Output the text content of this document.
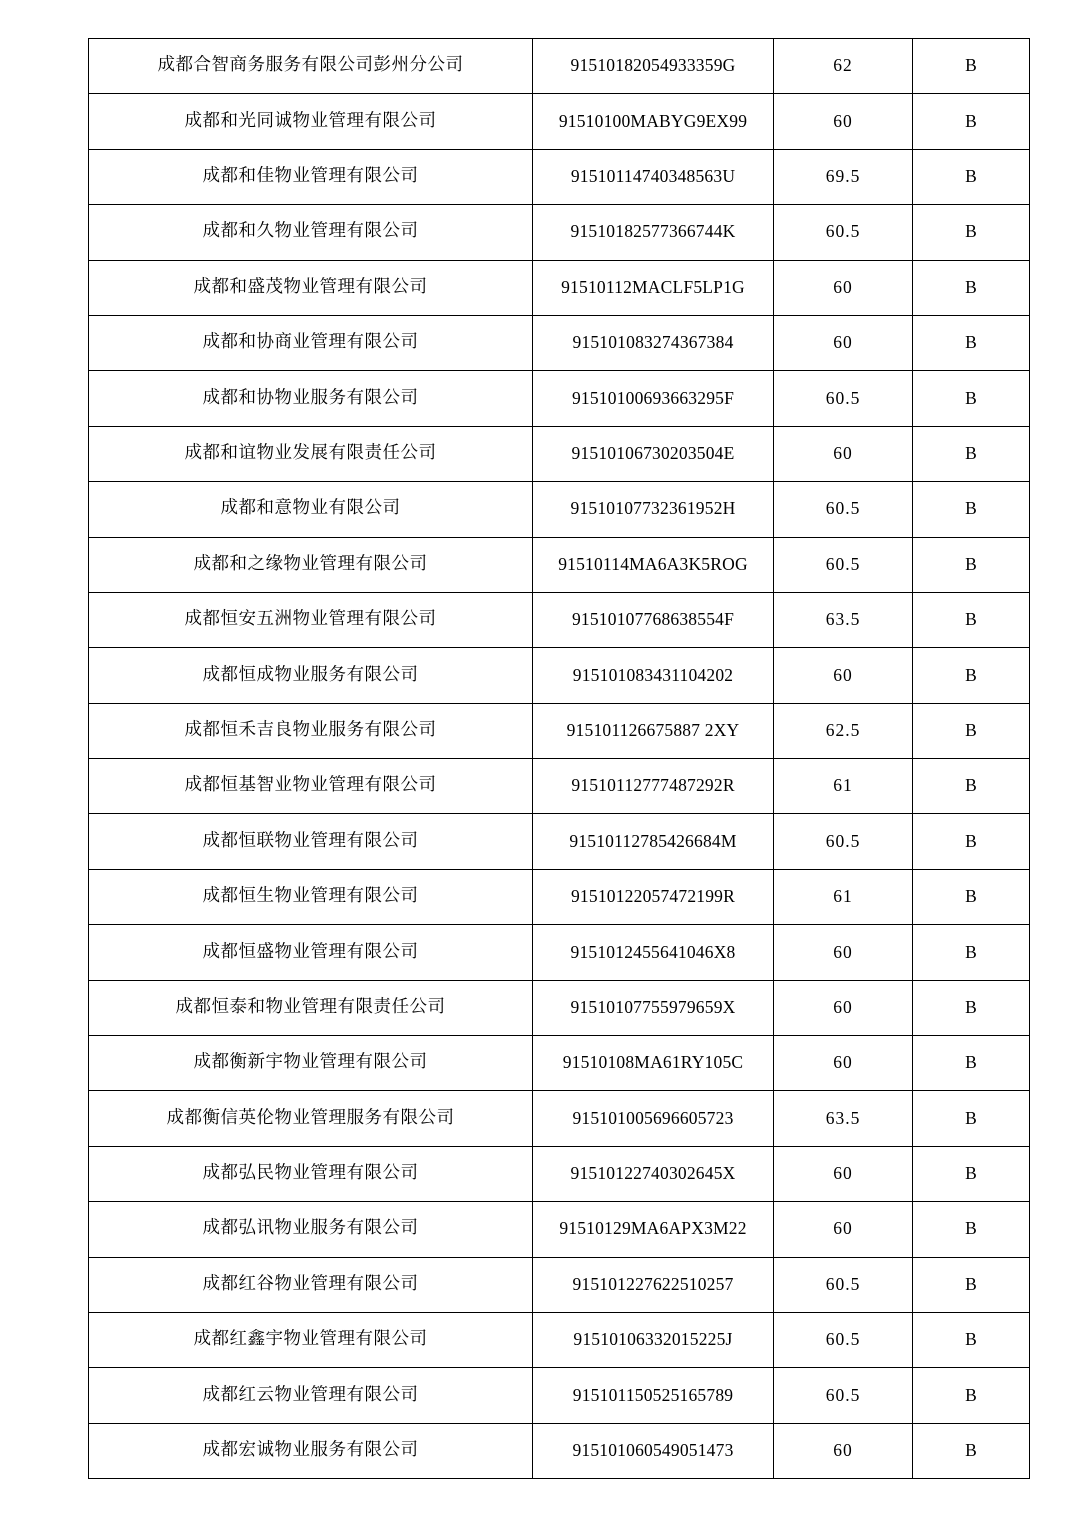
成都合智商务服务有限公司彭州分公司	91510182054933359G	62	B
成都和光同诚物业管理有限公司	91510100MABYG9EX99	60	B
成都和佳物业管理有限公司	91510114740348563U	69.5	B
成都和久物业管理有限公司	91510182577366744K	60.5	B
成都和盛茂物业管理有限公司	91510112MACLF5LP1G	60	B
成都和协商业管理有限公司	915101083274367384	60	B
成都和协物业服务有限公司	91510100693663295F	60.5	B
成都和谊物业发展有限责任公司	91510106730203504E	60	B
成都和意物业有限公司	91510107732361952H	60.5	B
成都和之缘物业管理有限公司	91510114MA6A3K5ROG	60.5	B
成都恒安五洲物业管理有限公司	91510107768638554F	63.5	B
成都恒成物业服务有限公司	915101083431104202	60	B
成都恒禾吉良物业服务有限公司	915101126675887 2XY	62.5	B
成都恒基智业物业管理有限公司	91510112777487292R	61	B
成都恒联物业管理有限公司	91510112785426684M	60.5	B
成都恒生物业管理有限公司	91510122057472199R	61	B
成都恒盛物业管理有限公司	9151012455641046X8	60	B
成都恒泰和物业管理有限责任公司	91510107755979659X	60	B
成都衡新宇物业管理有限公司	91510108MA61RY105C	60	B
成都衡信英伦物业管理服务有限公司	915101005696605723	63.5	B
成都弘民物业管理有限公司	91510122740302645X	60	B
成都弘讯物业服务有限公司	91510129MA6APX3M22	60	B
成都红谷物业管理有限公司	915101227622510257	60.5	B
成都红鑫宇物业管理有限公司	91510106332015225J	60.5	B
成都红云物业管理有限公司	915101150525165789	60.5	B
成都宏诚物业服务有限公司	915101060549051473	60	B
